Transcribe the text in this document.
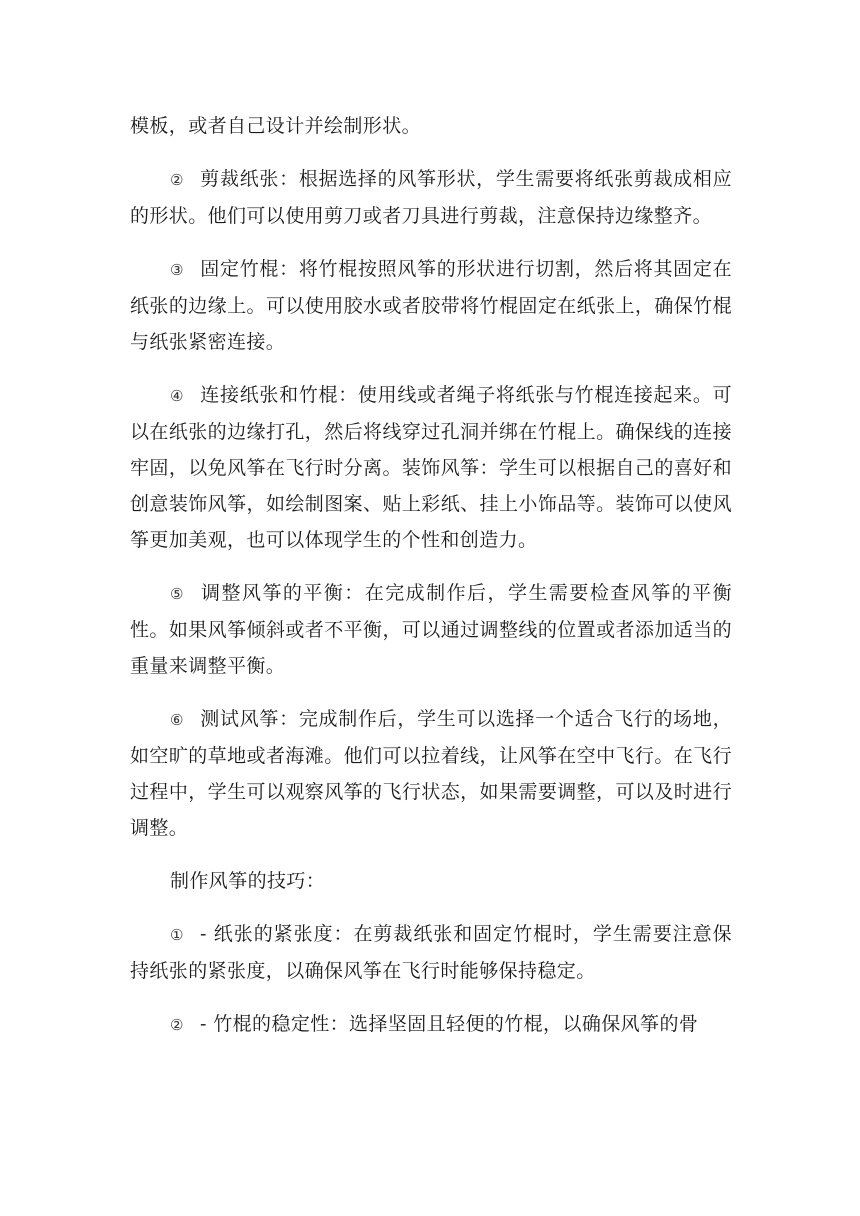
模板，或者自己设计并绘制形状。

② 剪裁纸张：根据选择的风筝形状，学生需要将纸张剪裁成相应的形状。他们可以使用剪刀或者刀具进行剪裁，注意保持边缘整齐。

③ 固定竹棍：将竹棍按照风筝的形状进行切割，然后将其固定在纸张的边缘上。可以使用胶水或者胶带将竹棍固定在纸张上，确保竹棍与纸张紧密连接。

④ 连接纸张和竹棍：使用线或者绳子将纸张与竹棍连接起来。可以在纸张的边缘打孔，然后将线穿过孔洞并绑在竹棍上。确保线的连接牢固，以免风筝在飞行时分离。装饰风筝：学生可以根据自己的喜好和创意装饰风筝，如绘制图案、贴上彩纸、挂上小饰品等。装饰可以使风筝更加美观，也可以体现学生的个性和创造力。

⑤ 调整风筝的平衡：在完成制作后，学生需要检查风筝的平衡性。如果风筝倾斜或者不平衡，可以通过调整线的位置或者添加适当的重量来调整平衡。

⑥ 测试风筝：完成制作后，学生可以选择一个适合飞行的场地，如空旷的草地或者海滩。他们可以拉着线，让风筝在空中飞行。在飞行过程中，学生可以观察风筝的飞行状态，如果需要调整，可以及时进行调整。

制作风筝的技巧：

① - 纸张的紧张度：在剪裁纸张和固定竹棍时，学生需要注意保持纸张的紧张度，以确保风筝在飞行时能够保持稳定。

② - 竹棍的稳定性：选择坚固且轻便的竹棍，以确保风筝的骨
